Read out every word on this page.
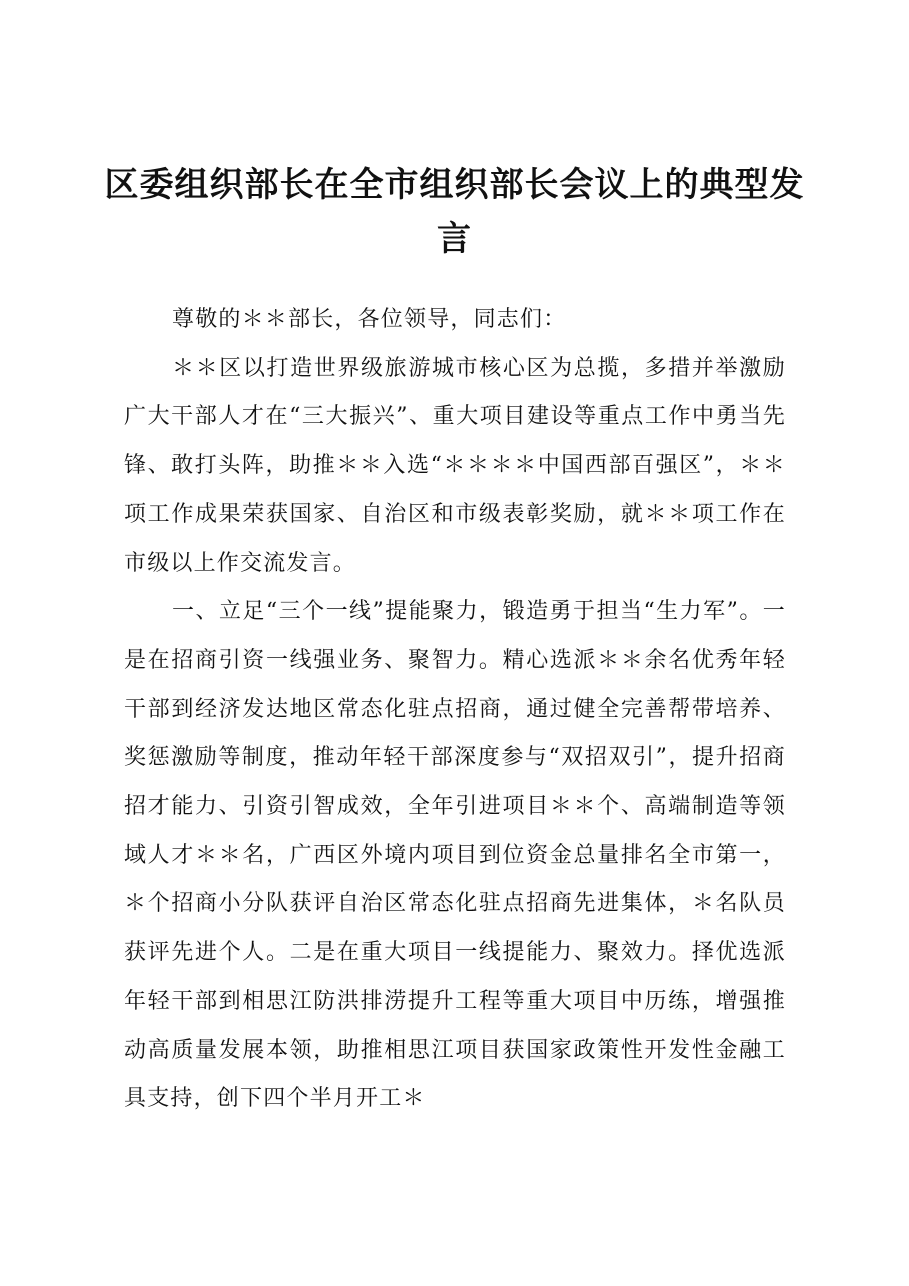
区委组织部长在全市组织部长会议上的典型发言

尊敬的＊＊部长，各位领导，同志们：

＊＊区以打造世界级旅游城市核心区为总揽，多措并举激励广大干部人才在“三大振兴”、重大项目建设等重点工作中勇当先锋、敢打头阵，助推＊＊入选“＊＊＊＊中国西部百强区”，＊＊项工作成果荣获国家、自治区和市级表彰奖励，就＊＊项工作在市级以上作交流发言。

一、立足“三个一线”提能聚力，锻造勇于担当“生力军”。一是在招商引资一线强业务、聚智力。精心选派＊＊余名优秀年轻干部到经济发达地区常态化驻点招商，通过健全完善帮带培养、奖惩激励等制度，推动年轻干部深度参与“双招双引”，提升招商招才能力、引资引智成效，全年引进项目＊＊个、高端制造等领域人才＊＊名，广西区外境内项目到位资金总量排名全市第一，＊个招商小分队获评自治区常态化驻点招商先进集体，＊名队员获评先进个人。二是在重大项目一线提能力、聚效力。择优选派年轻干部到相思江防洪排涝提升工程等重大项目中历练，增强推动高质量发展本领，助推相思江项目获国家政策性开发性金融工具支持，创下四个半月开工＊
